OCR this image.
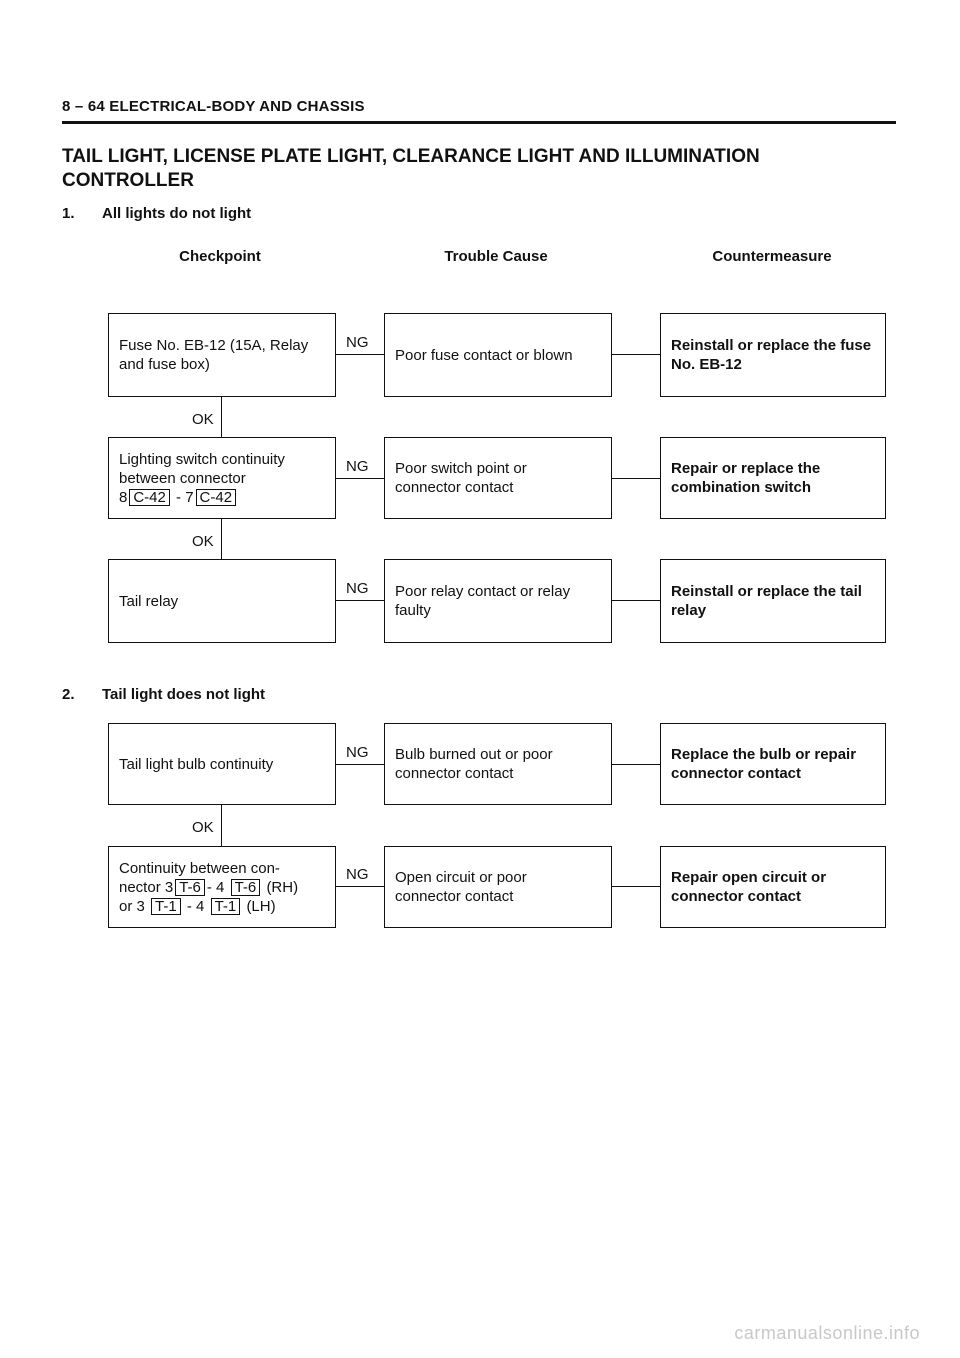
8 – 64 ELECTRICAL-BODY AND CHASSIS
TAIL LIGHT, LICENSE PLATE LIGHT, CLEARANCE LIGHT AND ILLUMINATION
CONTROLLER
1. All lights do not light
Checkpoint	Trouble Cause	Countermeasure
Fuse No. EB-12 (15A, Relay
and fuse box)
NG
Poor fuse contact or blown
Reinstall or replace the fuse
No. EB-12
OK
Lighting switch continuity
between connector
8 C-42 - 7 C-42
NG Poor switch point or
connector contact
Repair or replace the
combination switch
OK
Tail relay
NG Poor relay contact or relay
faulty
Reinstall or replace the tail
relay
2. Tail light does not light
Tail light bulb continuity
NG Bulb burned out or poor
connector contact
Replace the bulb or repair
connector contact
OK
Continuity between con-
nector 3 T-6 - 4 T-6 (RH)
or 3 T-1 - 4 T-1 (LH)
NG Open circuit or poor
connector contact
Repair open circuit or
connector contact
carmanualsonline.info
